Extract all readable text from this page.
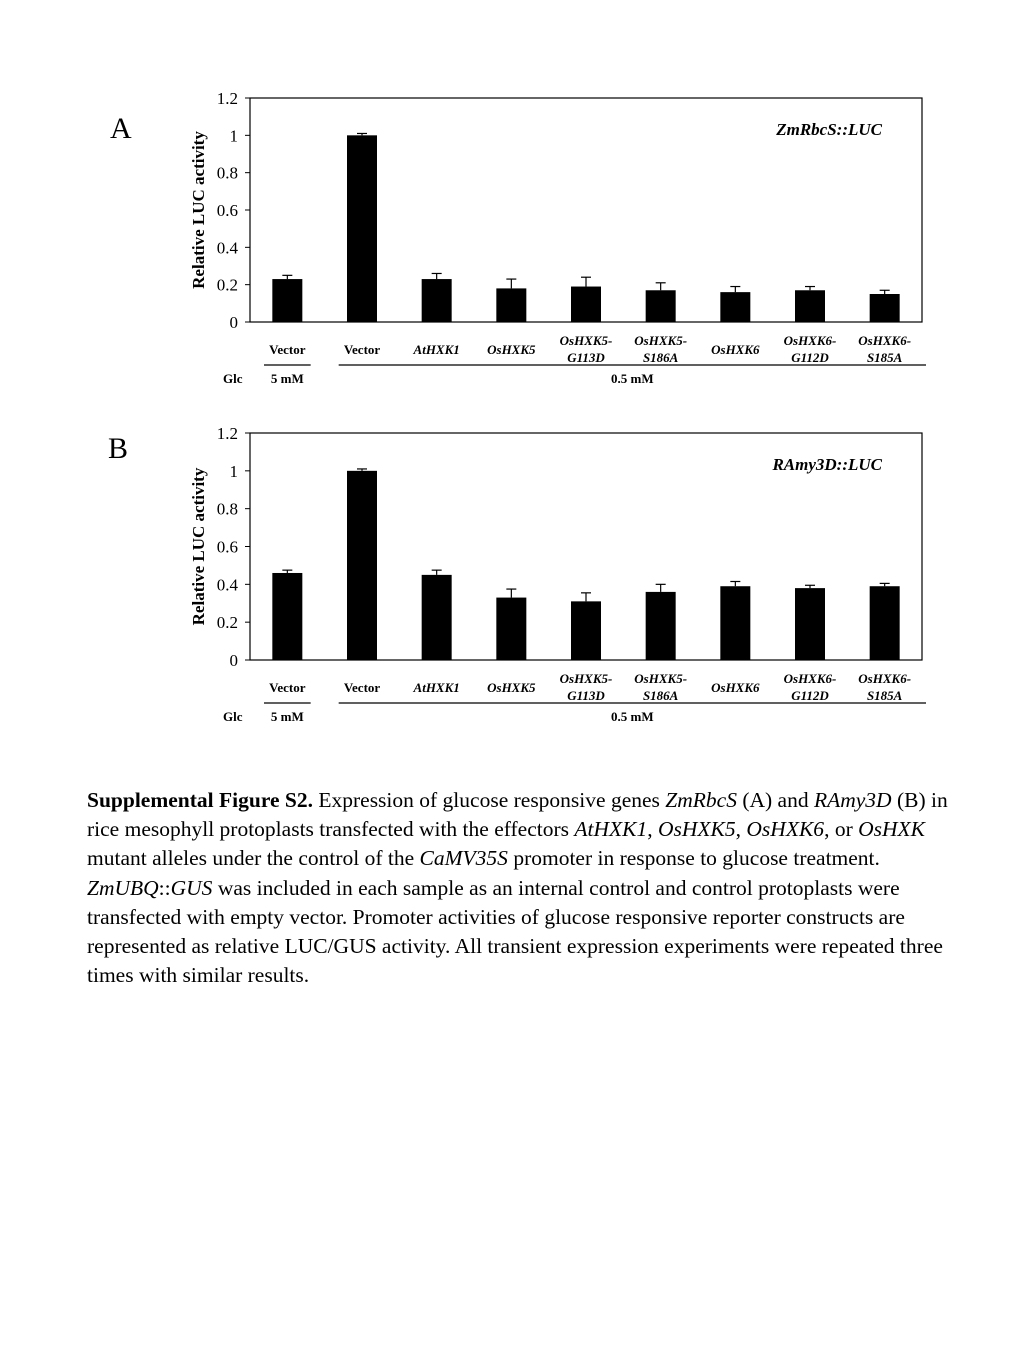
A
B
0
0.2
0.4
0.6
0.8
1
1.2
Relative LUC activity
ZmRbcS::LUC
Vector	Vector	AtHXK1 OsHXK5
OsHXK5-
G113D
OsHXK5-
S186A
OsHXK6
OsHXK6-
G112D
OsHXK6-
S185A
Glc 5 mM	0.5 mM
0
0.2
0.4
0.6
0.8
1
1.2
Relative LUC activity
RAmy3D::LUC
Vector	Vector	AtHXK1 OsHXK5
OsHXK5-
G113D
OsHXK5-
S186A
OsHXK6
OsHXK6-
G112D
OsHXK6-
S185A
Glc 5 mM	0.5 mM
Supplemental Figure S2. Expression of glucose responsive genes ZmRbcS (A) and RAmy3D (B) in rice mesophyll protoplasts transfected with the effectors AtHXK1, OsHXK5, OsHXK6, or OsHXK mutant alleles under the control of the CaMV35S promoter in response to glucose treatment. ZmUBQ::GUS was included in each sample as an internal control and control protoplasts were transfected with empty vector. Promoter activities of glucose responsive reporter constructs are represented as relative LUC/GUS activity. All transient expression experiments were repeated three times with similar results.
